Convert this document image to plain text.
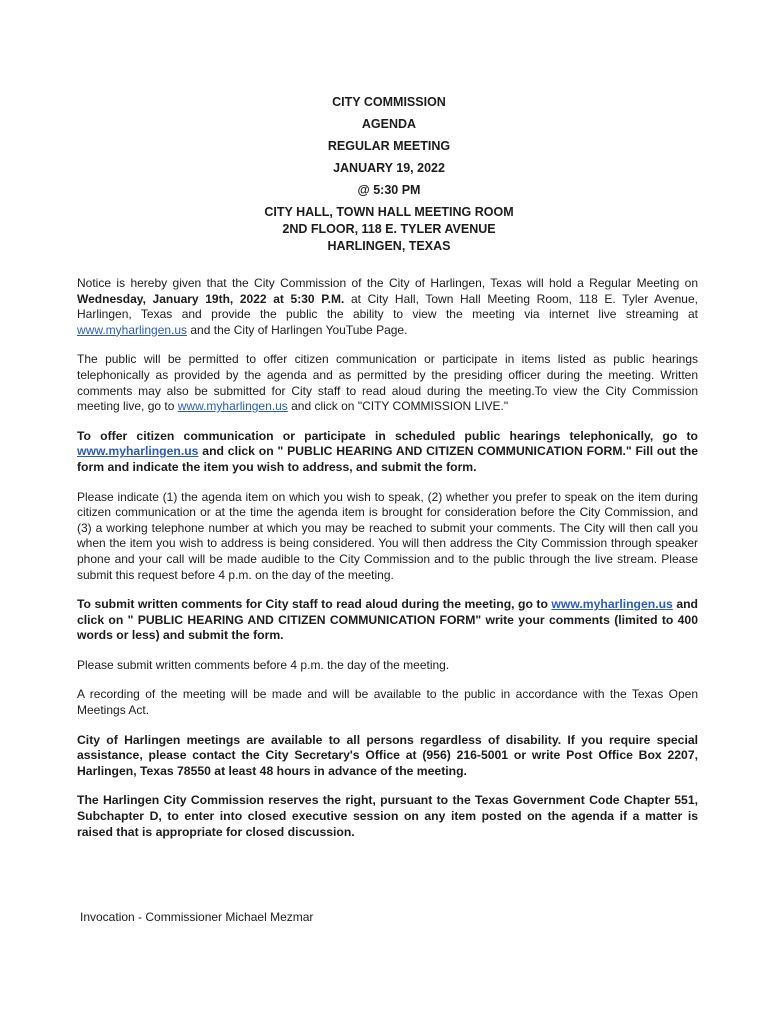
CITY COMMISSION
AGENDA
REGULAR MEETING
JANUARY 19, 2022
@ 5:30 PM
CITY HALL, TOWN HALL MEETING ROOM
2ND FLOOR, 118 E. TYLER AVENUE
HARLINGEN, TEXAS

Notice is hereby given that the City Commission of the City of Harlingen, Texas will hold a Regular Meeting on Wednesday, January 19th, 2022 at 5:30 P.M. at City Hall, Town Hall Meeting Room, 118 E. Tyler Avenue, Harlingen, Texas and provide the public the ability to view the meeting via internet live streaming at www.myharlingen.us and the City of Harlingen YouTube Page.

The public will be permitted to offer citizen communication or participate in items listed as public hearings telephonically as provided by the agenda and as permitted by the presiding officer during the meeting. Written comments may also be submitted for City staff to read aloud during the meeting.To view the City Commission meeting live, go to www.myharlingen.us and click on "CITY COMMISSION LIVE."

To offer citizen communication or participate in scheduled public hearings telephonically, go to www.myharlingen.us and click on " PUBLIC HEARING AND CITIZEN COMMUNICATION FORM." Fill out the form and indicate the item you wish to address, and submit the form.

Please indicate (1) the agenda item on which you wish to speak, (2) whether you prefer to speak on the item during citizen communication or at the time the agenda item is brought for consideration before the City Commission, and (3) a working telephone number at which you may be reached to submit your comments. The City will then call you when the item you wish to address is being considered. You will then address the City Commission through speaker phone and your call will be made audible to the City Commission and to the public through the live stream. Please submit this request before 4 p.m. on the day of the meeting.

To submit written comments for City staff to read aloud during the meeting, go to www.myharlingen.us and click on " PUBLIC HEARING AND CITIZEN COMMUNICATION FORM" write your comments (limited to 400 words or less) and submit the form.

Please submit written comments before 4 p.m. the day of the meeting.

A recording of the meeting will be made and will be available to the public in accordance with the Texas Open Meetings Act.

City of Harlingen meetings are available to all persons regardless of disability. If you require special assistance, please contact the City Secretary's Office at (956) 216-5001 or write Post Office Box 2207, Harlingen, Texas 78550 at least 48 hours in advance of the meeting.

The Harlingen City Commission reserves the right, pursuant to the Texas Government Code Chapter 551, Subchapter D, to enter into closed executive session on any item posted on the agenda if a matter is raised that is appropriate for closed discussion.

Invocation - Commissioner Michael Mezmar
